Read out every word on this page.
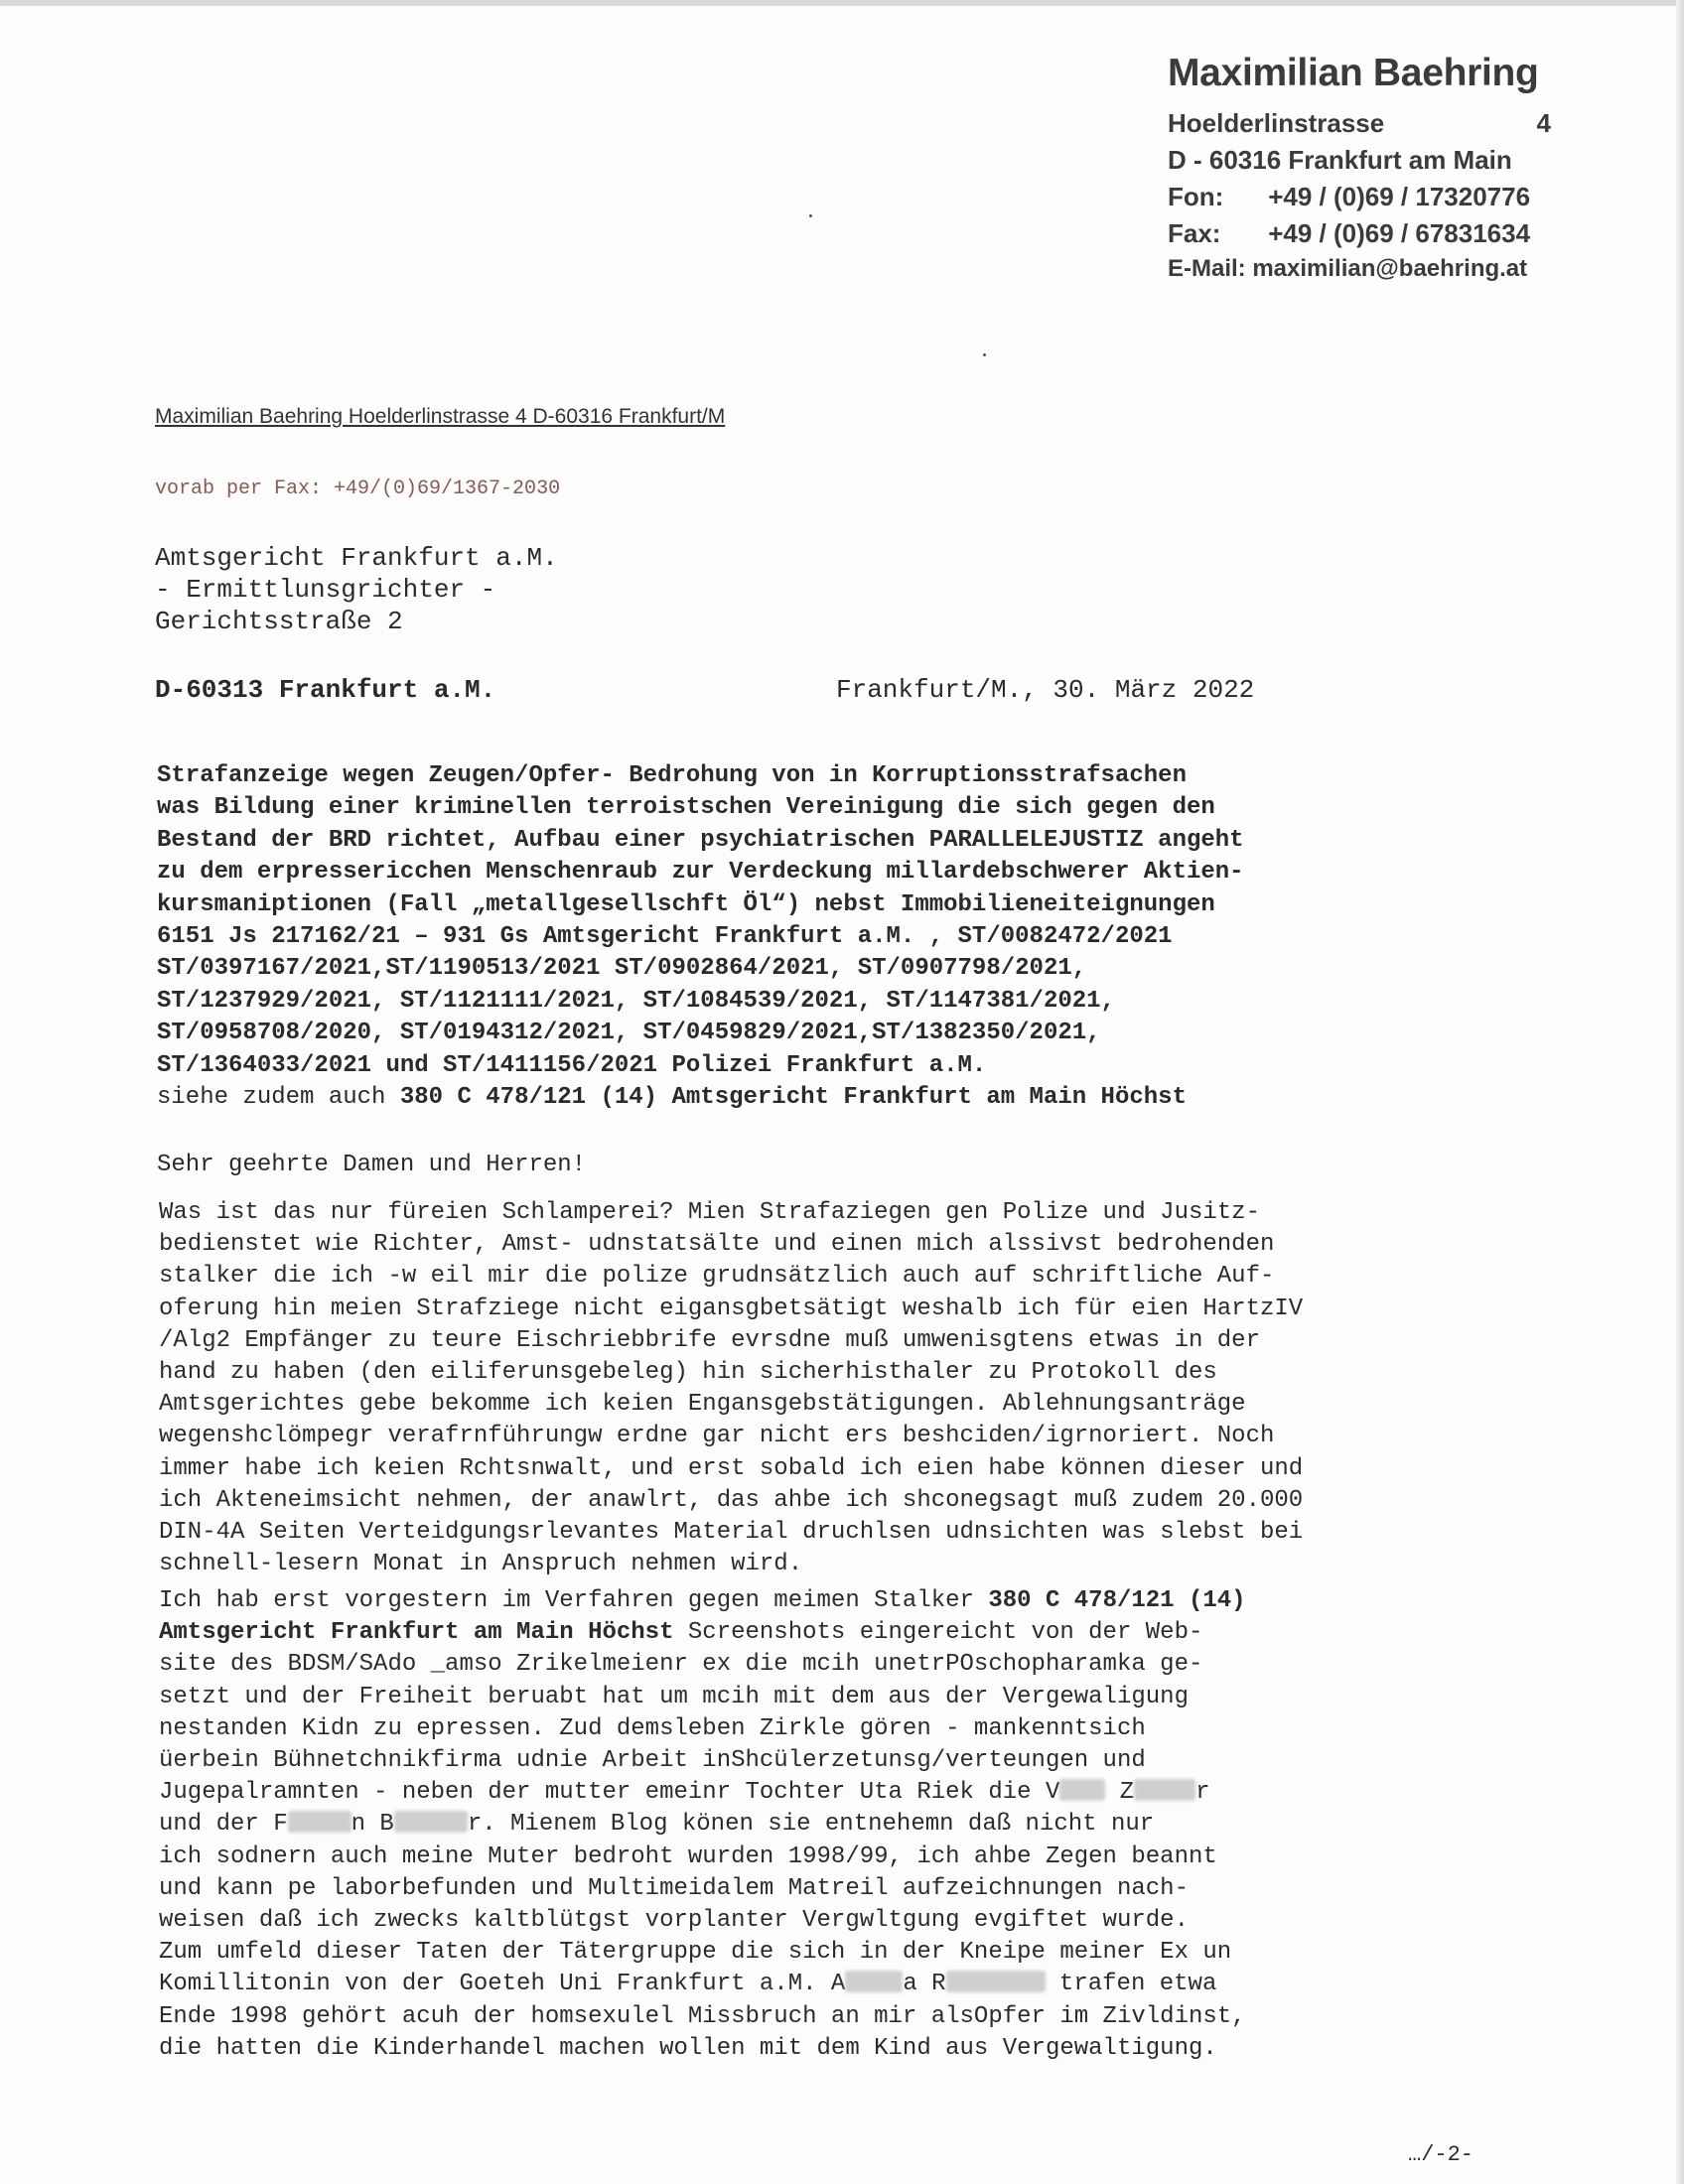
Maximilian Baehring
Hoelderlinstrasse	4
D - 60316 Frankfurt am Main
Fon: +49 / (0)69 / 17320776
Fax: +49 / (0)69 / 67831634
E-Mail: maximilian@baehring.at
Maximilian Baehring Hoelderlinstrasse 4 D-60316 Frankfurt/M
vorab per Fax: +49/(0)69/1367-2030
Amtsgericht Frankfurt a.M.
- Ermittlunsgrichter -
Gerichtsstraße 2
D-60313 Frankfurt a.M.	Frankfurt/M., 30. März 2022
Strafanzeige wegen Zeugen/Opfer- Bedrohung von in Korruptionsstrafsachen
was Bildung einer kriminellen terroistschen Vereinigung die sich gegen den
Bestand der BRD richtet, Aufbau einer psychiatrischen PARALLELEJUSTIZ angeht
zu dem erpressericchen Menschenraub zur Verdeckung millardebschwerer Aktien-
kursmaniptionen (Fall „metallgesellschft Öl“) nebst Immobilieneiteignungen
6151 Js 217162/21 – 931 Gs Amtsgericht Frankfurt a.M. , ST/0082472/2021
ST/0397167/2021,ST/1190513/2021 ST/0902864/2021, ST/0907798/2021,
ST/1237929/2021, ST/1121111/2021, ST/1084539/2021, ST/1147381/2021,
ST/0958708/2020, ST/0194312/2021, ST/0459829/2021,ST/1382350/2021,
ST/1364033/2021 und ST/1411156/2021 Polizei Frankfurt a.M.
siehe zudem auch 380 C 478/121 (14) Amtsgericht Frankfurt am Main Höchst
Sehr geehrte Damen und Herren!
Was ist das nur füreien Schlamperei? Mien Strafaziegen gen Polize und Jusitz-
bedienstet wie Richter, Amst- udnstatsälte und einen mich alssivst bedrohenden
stalker die ich -w eil mir die polize grudnsätzlich auch auf schriftliche Auf-
oferung hin meien Strafziege nicht eigansgbetsätigt weshalb ich für eien HartzIV
/Alg2 Empfänger zu teure Eischriebbrife evrsdne muß umwenisgtens etwas in der
hand zu haben (den eiliferunsgebeleg) hin sicherhisthaler zu Protokoll des
Amtsgerichtes gebe bekomme ich keien Engansgebstätigungen. Ablehnungsanträge
wegenshclömpegr verafrnführungw erdne gar nicht ers beshciden/igrnoriert. Noch
immer habe ich keien Rchtsnwalt, und erst sobald ich eien habe können dieser und
ich Akteneimsicht nehmen, der anawlrt, das ahbe ich shconegsagt muß zudem 20.000
DIN-4A Seiten Verteidgungsrlevantes Material druchlsen udnsichten was slebst bei
schnell-lesern Monat in Anspruch nehmen wird.
Ich hab erst vorgestern im Verfahren gegen meimen Stalker 380 C 478/121 (14)
Amtsgericht Frankfurt am Main Höchst Screenshots eingereicht von der Web-
site des BDSM/SAdo _amso Zrikelmeienr ex die mcih unetrPOschopharamka ge-
setzt und der Freiheit beruabt hat um mcih mit dem aus der Vergewaligung
nestanden Kidn zu epressen. Zud demsleben Zirkle gören - mankenntsich
üerbein Bühnetchnikfirma udnie Arbeit inShcülerzetunsg/verteungen und
Jugepalramnten - neben der mutter emeinr Tochter Uta Riek die V Z	r
und der F	n B	r. Mienem Blog könen sie entnehemn daß nicht nur
ich sodnern auch meine Muter bedroht wurden 1998/99, ich ahbe Zegen beannt
und kann pe laborbefunden und Multimeidalem Matreil aufzeichnungen nach-
weisen daß ich zwecks kaltblütgst vorplanter Vergwltgung evgiftet wurde.
Zum umfeld dieser Taten der Tätergruppe die sich in der Kneipe meiner Ex un
Komillitonin von der Goeteh Uni Frankfurt a.M. A a R	trafen etwa
Ende 1998 gehört acuh der homsexulel Missbruch an mir alsOpfer im Zivldinst,
die hatten die Kinderhandel machen wollen mit dem Kind aus Vergewaltigung.
…/-2-
